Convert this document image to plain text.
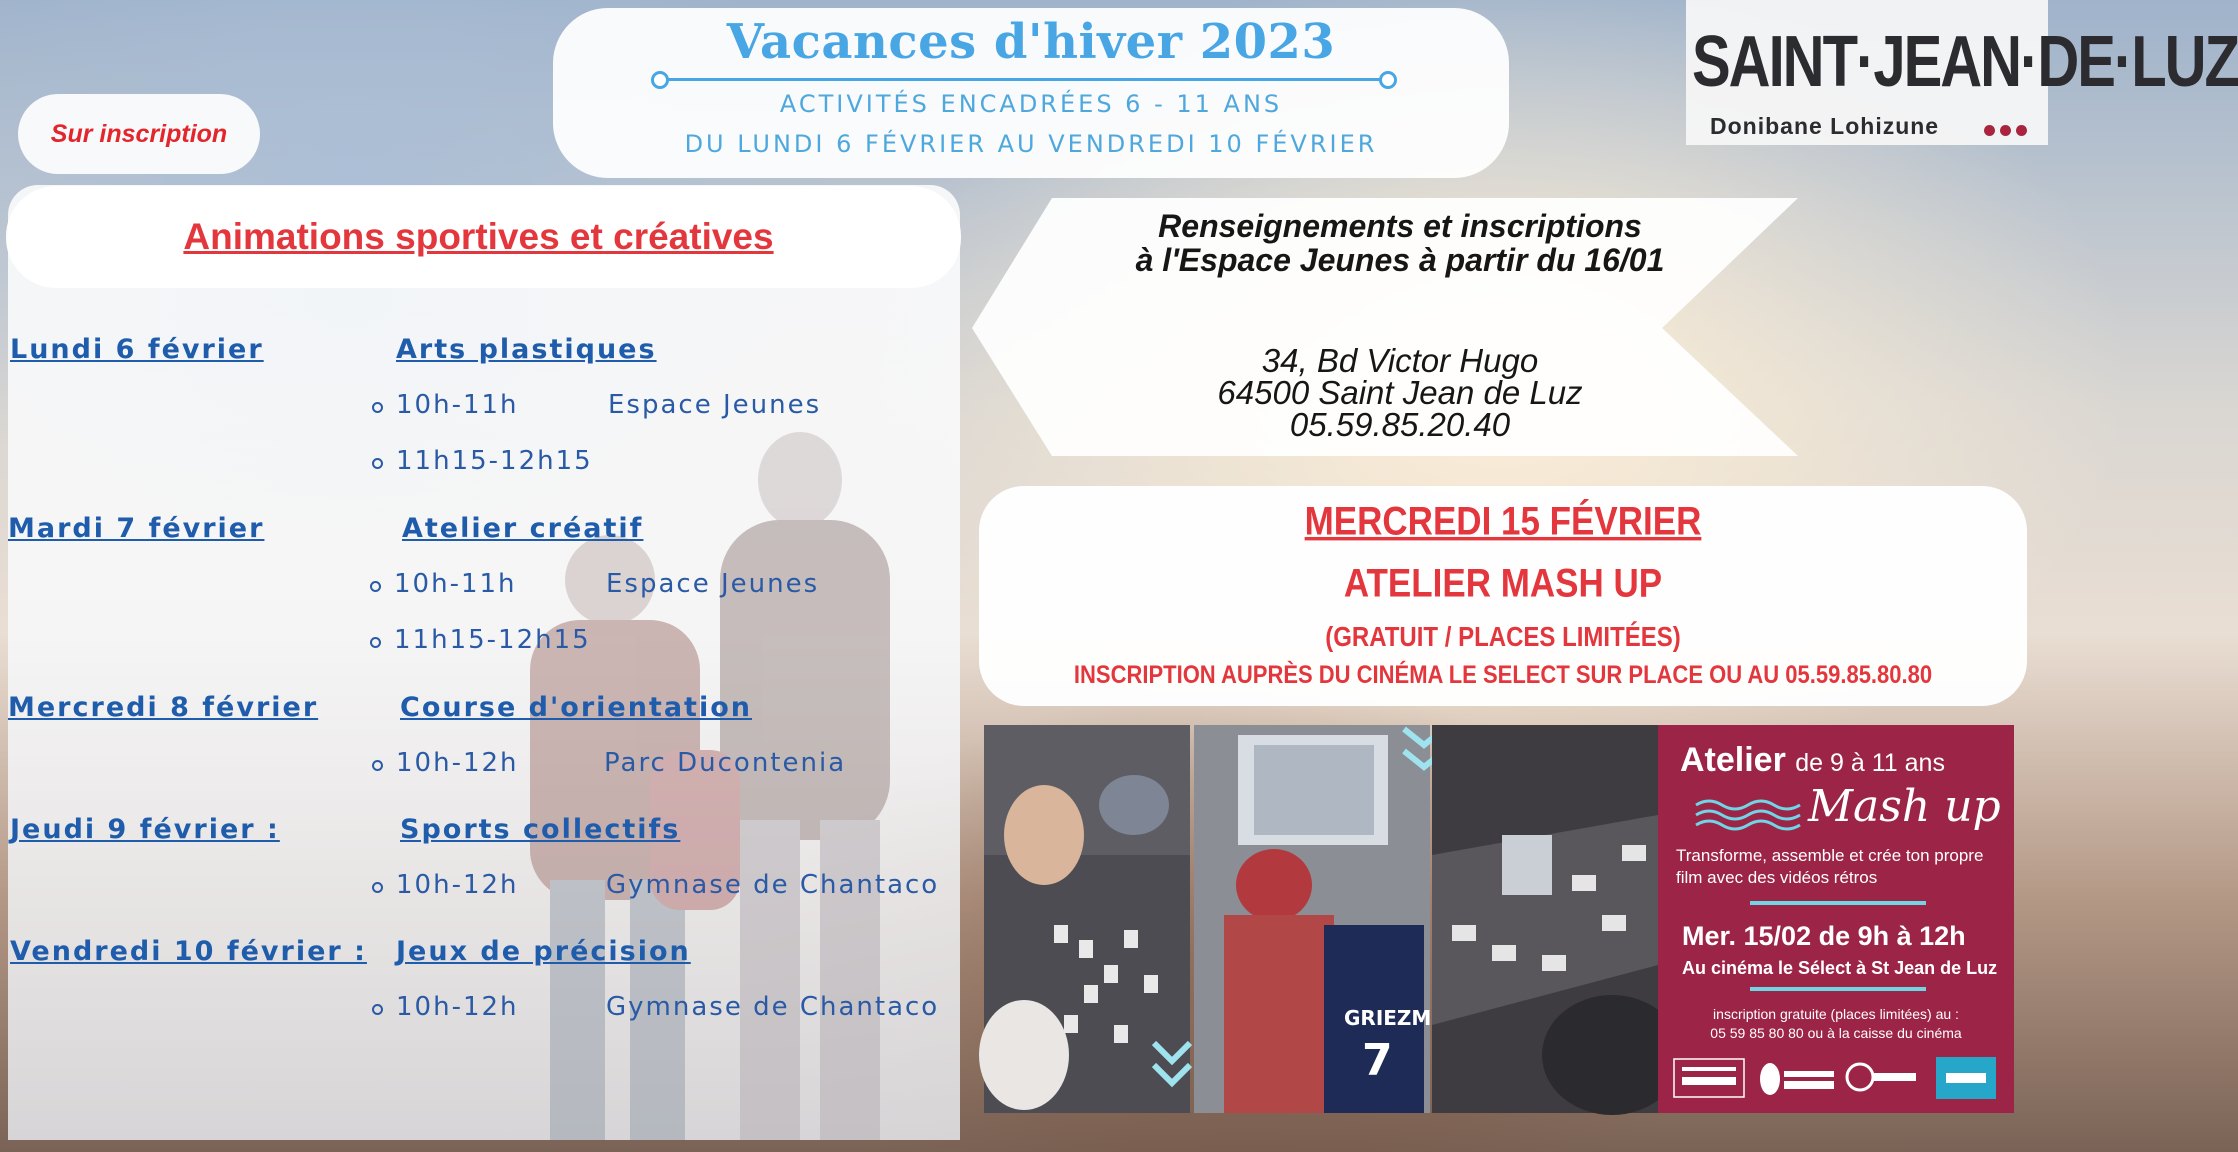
Vacances d'hiver 2023
ACTIVITÉS ENCADRÉES 6 - 11 ANS
DU LUNDI 6 FÉVRIER AU VENDREDI 10 FÉVRIER
SAINT·JEAN·DE·LUZ
Donibane Lohizune
Sur inscription
Animations sportives et créatives
Lundi 6 février	Arts plastiques
10h-11h	Espace Jeunes
11h15-12h15
Mardi 7 février	Atelier créatif
10h-11h	Espace Jeunes
11h15-12h15
Mercredi 8 février	Course d'orientation
10h-12h	Parc Ducontenia
Jeudi 9 février :	Sports collectifs
10h-12h	Gymnase de Chantaco
Vendredi 10 février : Jeux de précision
10h-12h	Gymnase de Chantaco
Renseignements et inscriptions
à l'Espace Jeunes à partir du 16/01
34, Bd Victor Hugo
64500 Saint Jean de Luz
05.59.85.20.40
MERCREDI 15 FÉVRIER
ATELIER MASH UP
(GRATUIT / PLACES LIMITÉES)
INSCRIPTION AUPRÈS DU CINÉMA LE SELECT SUR PLACE OU AU 05.59.85.80.80
GRIEZM
7
Atelier de 9 à 11 ans
Mash up
Transforme, assemble et crée ton propre film avec des vidéos rétros
Mer. 15/02 de 9h à 12h
Au cinéma le Sélect à St Jean de Luz
inscription gratuite (places limitées) au :
05 59 85 80 80 ou à la caisse du cinéma
